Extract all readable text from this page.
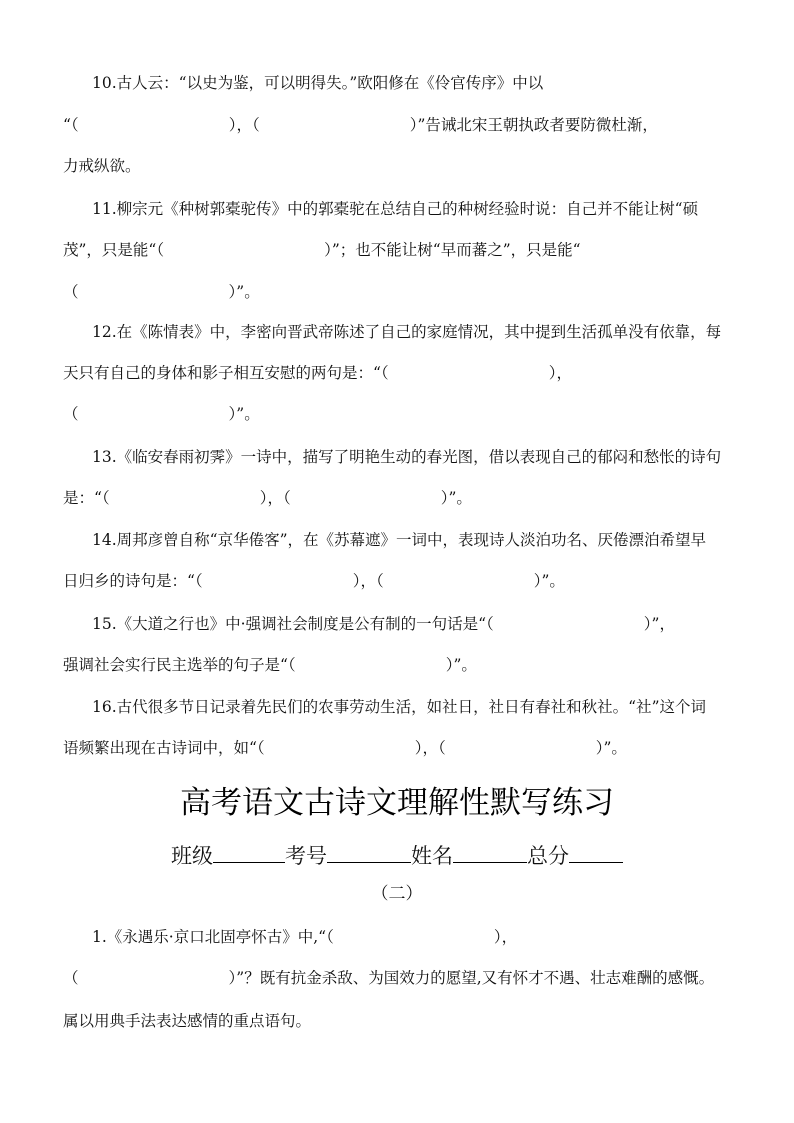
10.古人云：“以史为鉴，可以明得失。”欧阳修在《伶官传序》中以
“（	），（	）”告诫北宋王朝执政者要防微杜渐，
力戒纵欲。
11.柳宗元《种树郭橐驼传》中的郭橐驼在总结自己的种树经验时说：自己并不能让树“硕
茂”，只是能“（	）”；也不能让树“早而蕃之”，只是能“
（	）”。
12.在《陈情表》中，李密向晋武帝陈述了自己的家庭情况，其中提到生活孤单没有依靠，每
天只有自己的身体和影子相互安慰的两句是：“（	），
（	）”。
13.《临安春雨初霁》一诗中，描写了明艳生动的春光图，借以表现自己的郁闷和愁怅的诗句
是：“（	），（	）”。
14.周邦彦曾自称“京华倦客”，在《苏幕遮》一词中，表现诗人淡泊功名、厌倦漂泊希望早
日归乡的诗句是：“（	），（	）”。
15.《大道之行也》中·强调社会制度是公有制的一句话是“（	）”，
强调社会实行民主选举的句子是“（	）”。
16.古代很多节日记录着先民们的农事劳动生活，如社日，社日有春社和秋社。“社”这个词
语频繁出现在古诗词中，如“（	），（	）”。
高考语文古诗文理解性默写练习
班级	考号	姓名	总分
（二）
1.《永遇乐·京口北固亭怀古》中,“（	），
（	）”？既有抗金杀敌、为国效力的愿望,又有怀才不遇、壮志难酬的感慨。
属以用典手法表达感情的重点语句。
